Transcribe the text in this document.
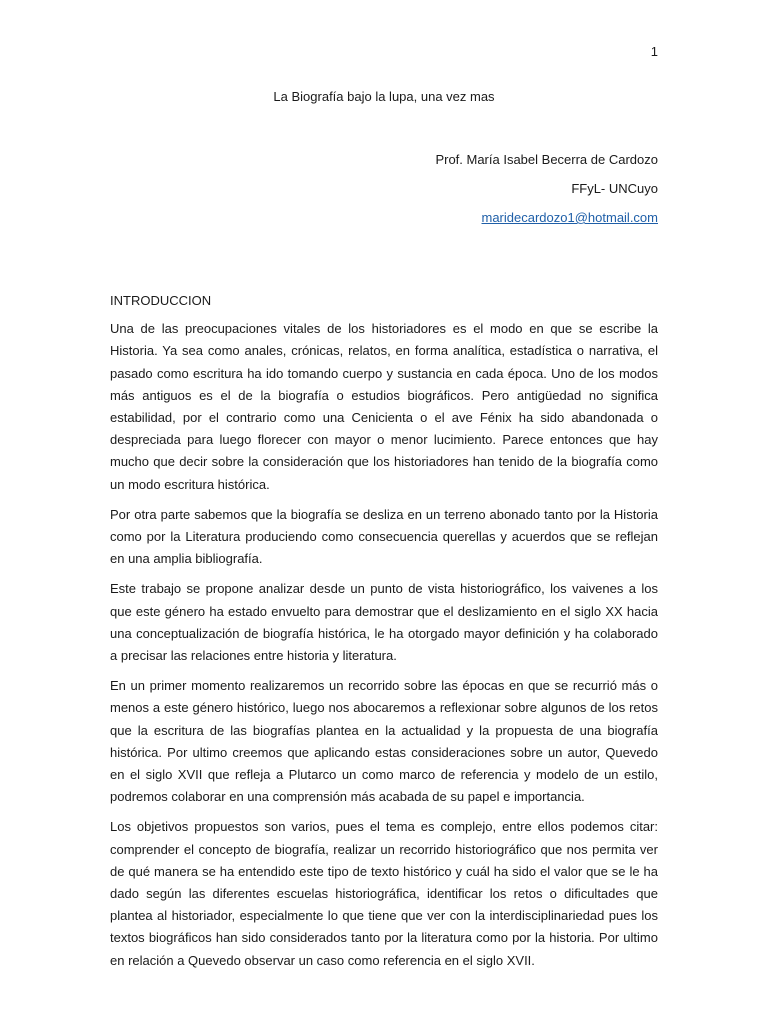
1
La Biografía bajo la lupa, una vez mas
Prof. María Isabel Becerra de Cardozo
FFyL- UNCuyo
maridecardozo1@hotmail.com
INTRODUCCION

Una de las preocupaciones vitales de los historiadores es el modo en que se escribe la Historia. Ya sea como anales, crónicas, relatos, en forma analítica, estadística o narrativa, el pasado como escritura ha ido tomando cuerpo y sustancia en cada época. Uno de los modos más antiguos es el de la biografía o estudios biográficos. Pero antigüedad no significa estabilidad, por el contrario como una Cenicienta o el ave Fénix ha sido abandonada o despreciada para luego florecer con mayor o menor lucimiento. Parece entonces que hay mucho que decir sobre la consideración que los historiadores han tenido de la biografía como un modo escritura histórica.

Por otra parte sabemos que la biografía se desliza en un terreno abonado tanto por la Historia como por la Literatura produciendo como consecuencia querellas y acuerdos que se reflejan en una amplia bibliografía.

Este trabajo se propone analizar desde un punto de vista historiográfico, los vaivenes a los que este género ha estado envuelto para demostrar que el deslizamiento en el siglo XX hacia una conceptualización de biografía histórica, le ha otorgado mayor definición y ha colaborado a precisar las relaciones entre historia y literatura.

En un primer momento realizaremos un recorrido sobre las épocas en que se recurrió más o menos a este género histórico, luego nos abocaremos a reflexionar sobre algunos de los retos que la escritura de las biografías plantea en la actualidad y la propuesta de una biografía histórica. Por ultimo creemos que aplicando estas consideraciones sobre un autor, Quevedo en el siglo XVII que refleja a Plutarco un como marco de referencia y modelo de un estilo, podremos colaborar en una comprensión más acabada de su papel e importancia.

Los objetivos propuestos son varios, pues el tema es complejo, entre ellos podemos citar: comprender el concepto de biografía, realizar un recorrido historiográfico que nos permita ver de qué manera se ha entendido este tipo de texto histórico y cuál ha sido el valor que se le ha dado según las diferentes escuelas historiográfica, identificar los retos o dificultades que plantea al historiador, especialmente lo que tiene que ver con la interdisciplinariedad pues los textos biográficos han sido considerados tanto por la literatura como por la historia. Por ultimo en relación a Quevedo observar un caso como referencia en el siglo XVII.
